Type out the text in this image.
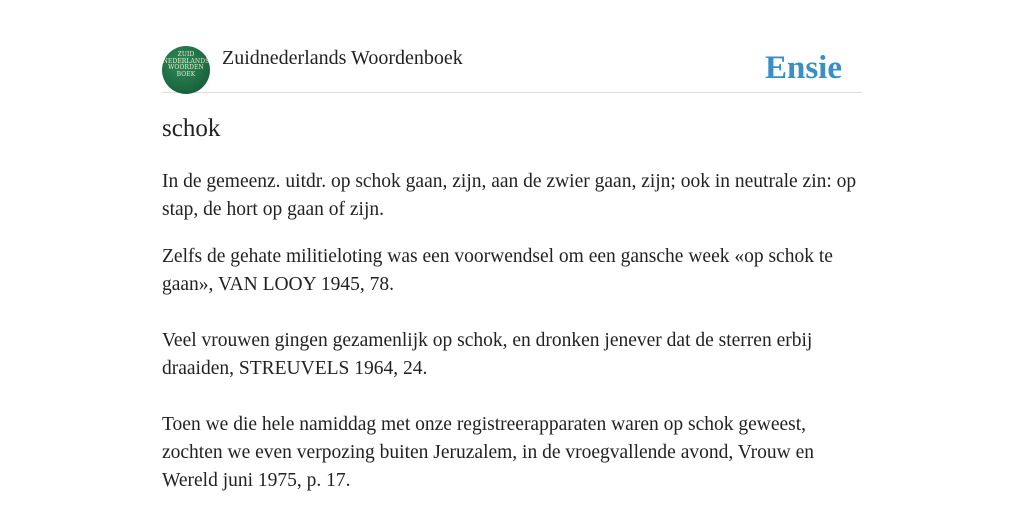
ZUID
NEDERLANDS
WOORDEN
BOEK
Zuidnederlands Woordenboek	Ensie
schok

In de gemeenz. uitdr. op schok gaan, zijn, aan de zwier gaan, zijn; ook in neutrale zin: op stap, de hort op gaan of zijn.

Zelfs de gehate militieloting was een voorwendsel om een gansche week «op schok te gaan», VAN LOOY 1945, 78.

Veel vrouwen gingen gezamenlijk op schok, en dronken jenever dat de sterren erbij draaiden, STREUVELS 1964, 24.

Toen we die hele namiddag met onze registreerapparaten waren op schok geweest, zochten we even verpozing buiten Jeruzalem, in de vroegvallende avond, Vrouw en Wereld juni 1975, p. 17.
